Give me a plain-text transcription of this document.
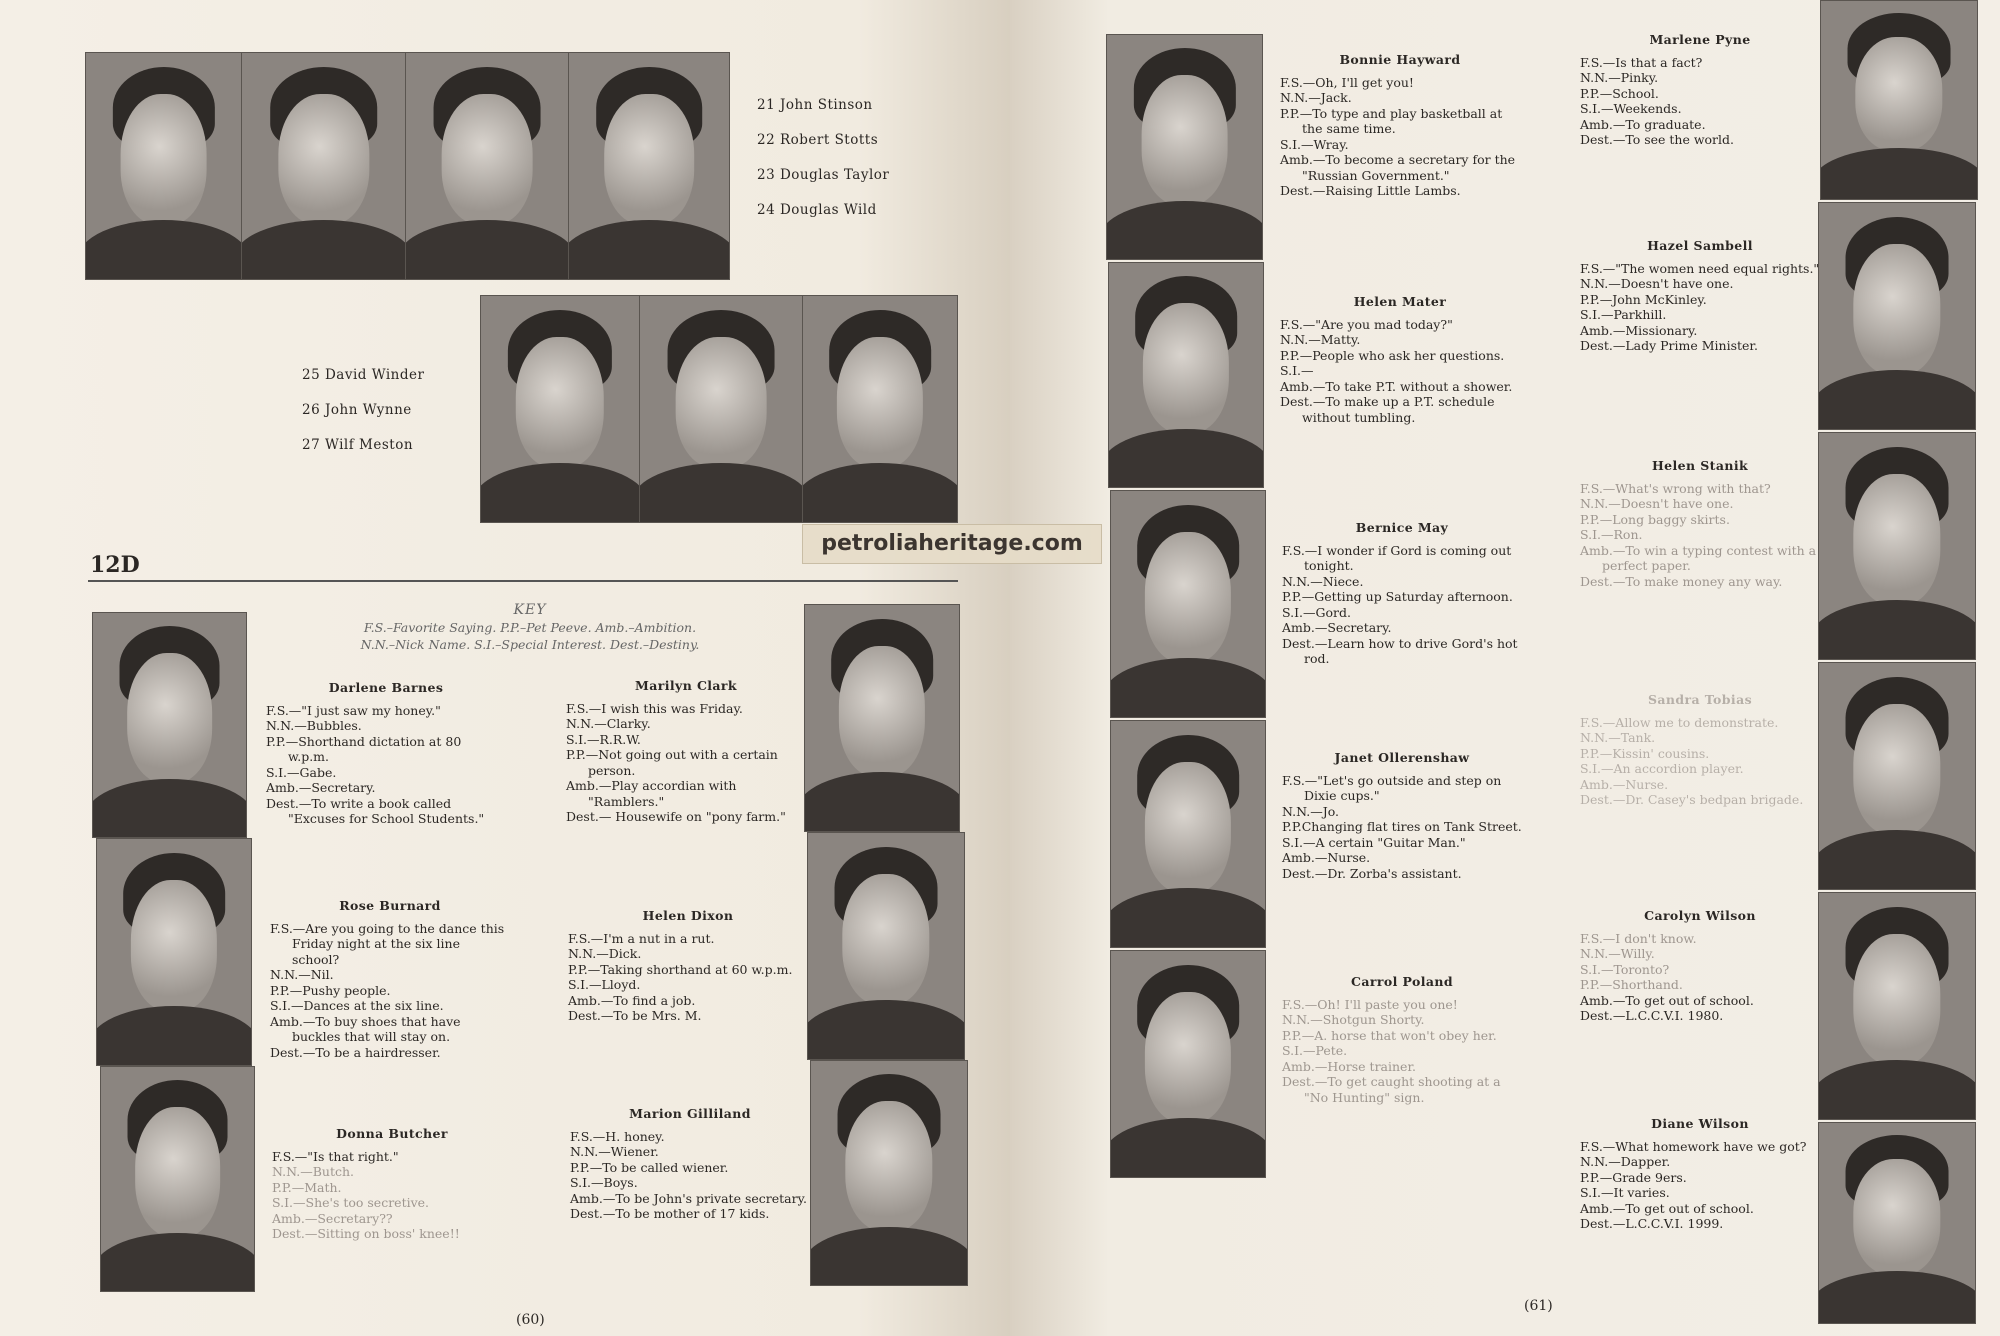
21 John Stinson
22 Robert Stotts
23 Douglas Taylor
24 Douglas Wild
25 David Winder
26 John Wynne
27 Wilf Meston
12D
KEY
F.S.–Favorite Saying. P.P.–Pet Peeve. Amb.–Ambition.
N.N.–Nick Name. S.I.–Special Interest. Dest.–Destiny.
Darlene Barnes

F.S.—"I just saw my honey."

N.N.—Bubbles.

P.P.—Shorthand dictation at 80 w.p.m.

S.I.—Gabe.

Amb.—Secretary.

Dest.—To write a book called "Excuses for School Students."

Marilyn Clark

F.S.—I wish this was Friday.

N.N.—Clarky.

S.I.—R.R.W.

P.P.—Not going out with a certain person.

Amb.—Play accordian with "Ramblers."

Dest.— Housewife on "pony farm."

Rose Burnard

F.S.—Are you going to the dance this Friday night at the six line school?

N.N.—Nil.

P.P.—Pushy people.

S.I.—Dances at the six line.

Amb.—To buy shoes that have buckles that will stay on.

Dest.—To be a hairdresser.

Helen Dixon

F.S.—I'm a nut in a rut.

N.N.—Dick.

P.P.—Taking shorthand at 60 w.p.m.

S.I.—Lloyd.

Amb.—To find a job.

Dest.—To be Mrs. M.

Donna Butcher

F.S.—"Is that right."

N.N.—Butch.

P.P.—Math.

S.I.—She's too secretive.

Amb.—Secretary??

Dest.—Sitting on boss' knee!!

Marion Gilliland

F.S.—H. honey.

N.N.—Wiener.

P.P.—To be called wiener.

S.I.—Boys.

Amb.—To be John's private secretary.

Dest.—To be mother of 17 kids.

(60)
Bonnie Hayward

F.S.—Oh, I'll get you!

N.N.—Jack.

P.P.—To type and play basketball at the same time.

S.I.—Wray.

Amb.—To become a secretary for the "Russian Government."

Dest.—Raising Little Lambs.

Helen Mater

F.S.—"Are you mad today?"

N.N.—Matty.

P.P.—People who ask her questions.

S.I.—

Amb.—To take P.T. without a shower.

Dest.—To make up a P.T. schedule without tumbling.

Bernice May

F.S.—I wonder if Gord is coming out tonight.

N.N.—Niece.

P.P.—Getting up Saturday afternoon.

S.I.—Gord.

Amb.—Secretary.

Dest.—Learn how to drive Gord's hot rod.

Janet Ollerenshaw

F.S.—"Let's go outside and step on Dixie cups."

N.N.—Jo.

P.P.Changing flat tires on Tank Street.

S.I.—A certain "Guitar Man."

Amb.—Nurse.

Dest.—Dr. Zorba's assistant.

Carrol Poland

F.S.—Oh! I'll paste you one!

N.N.—Shotgun Shorty.

P.P.—A. horse that won't obey her.

S.I.—Pete.

Amb.—Horse trainer.

Dest.—To get caught shooting at a "No Hunting" sign.

Marlene Pyne

F.S.—Is that a fact?

N.N.—Pinky.

P.P.—School.

S.I.—Weekends.

Amb.—To graduate.

Dest.—To see the world.

Hazel Sambell

F.S.—"The women need equal rights."

N.N.—Doesn't have one.

P.P.—John McKinley.

S.I.—Parkhill.

Amb.—Missionary.

Dest.—Lady Prime Minister.

Helen Stanik

F.S.—What's wrong with that?

N.N.—Doesn't have one.

P.P.—Long baggy skirts.

S.I.—Ron.

Amb.—To win a typing contest with a perfect paper.

Dest.—To make money any way.

Sandra Tobias

F.S.—Allow me to demonstrate.

N.N.—Tank.

P.P.—Kissin' cousins.

S.I.—An accordion player.

Amb.—Nurse.

Dest.—Dr. Casey's bedpan brigade.

Carolyn Wilson

F.S.—I don't know.

N.N.—Willy.

S.I.—Toronto?

P.P.—Shorthand.

Amb.—To get out of school.

Dest.—L.C.C.V.I. 1980.

Diane Wilson

F.S.—What homework have we got?

N.N.—Dapper.

P.P.—Grade 9ers.

S.I.—It varies.

Amb.—To get out of school.

Dest.—L.C.C.V.I. 1999.

(61)
petroliaheritage.com
